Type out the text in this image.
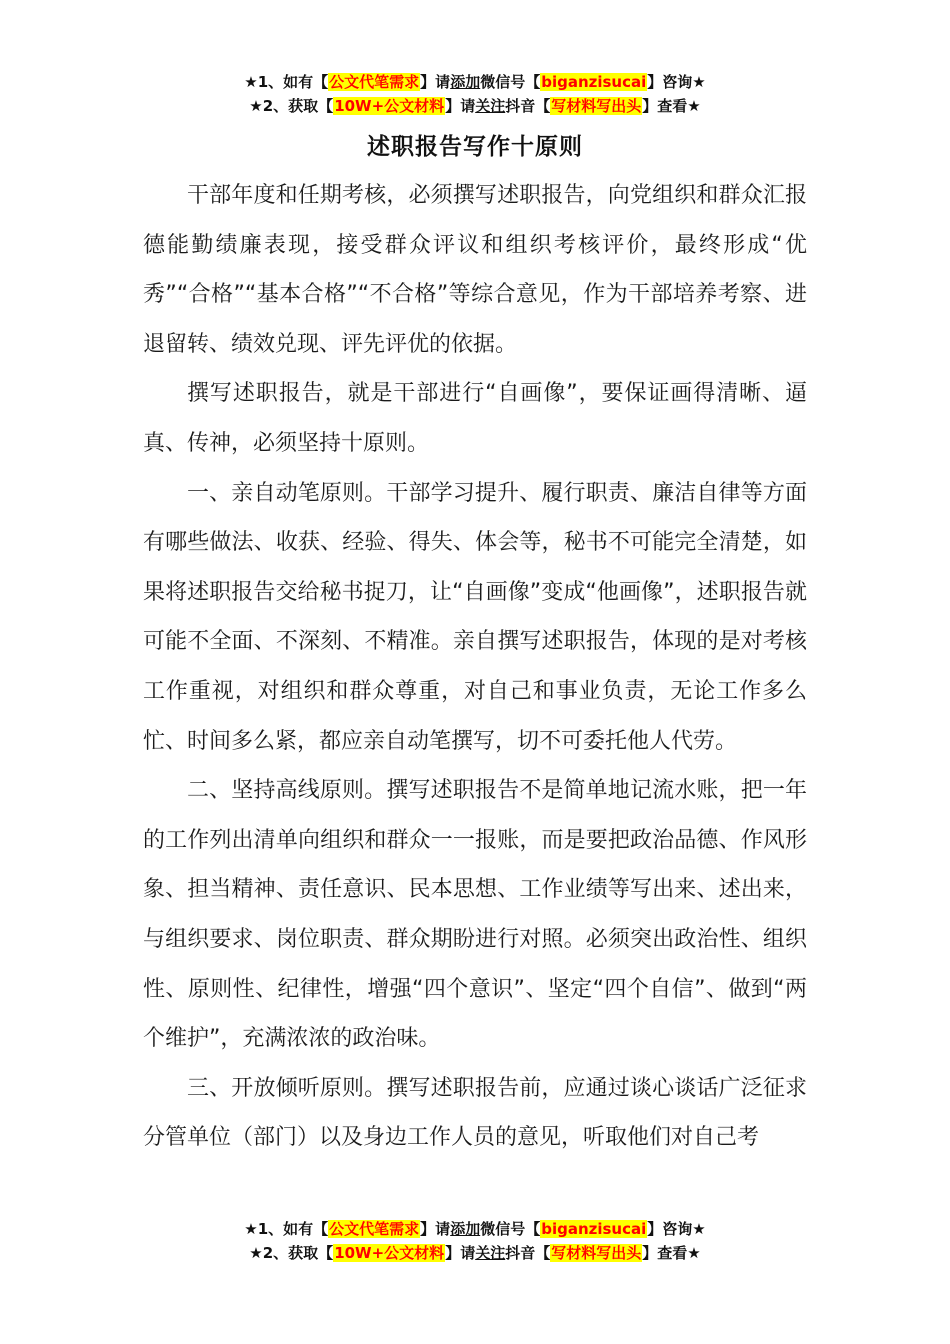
★1、如有【公文代笔需求】请添加微信号【biganzisucai】咨询★
★2、获取【10W+公文材料】请关注抖音【写材料写出头】查看★
述职报告写作十原则

干部年度和任期考核，必须撰写述职报告，向党组织和群众汇报德能勤绩廉表现，接受群众评议和组织考核评价，最终形成“优秀”“合格”“基本合格”“不合格”等综合意见，作为干部培养考察、进退留转、绩效兑现、评先评优的依据。

撰写述职报告，就是干部进行“自画像”，要保证画得清晰、逼真、传神，必须坚持十原则。

一、亲自动笔原则。干部学习提升、履行职责、廉洁自律等方面有哪些做法、收获、经验、得失、体会等，秘书不可能完全清楚，如果将述职报告交给秘书捉刀，让“自画像”变成“他画像”，述职报告就可能不全面、不深刻、不精准。亲自撰写述职报告，体现的是对考核工作重视，对组织和群众尊重，对自己和事业负责，无论工作多么忙、时间多么紧，都应亲自动笔撰写，切不可委托他人代劳。

二、坚持高线原则。撰写述职报告不是简单地记流水账，把一年的工作列出清单向组织和群众一一报账，而是要把政治品德、作风形象、担当精神、责任意识、民本思想、工作业绩等写出来、述出来，与组织要求、岗位职责、群众期盼进行对照。必须突出政治性、组织性、原则性、纪律性，增强“四个意识”、坚定“四个自信”、做到“两个维护”，充满浓浓的政治味。

三、开放倾听原则。撰写述职报告前，应通过谈心谈话广泛征求分管单位（部门）以及身边工作人员的意见，听取他们对自己考

★1、如有【公文代笔需求】请添加微信号【biganzisucai】咨询★
★2、获取【10W+公文材料】请关注抖音【写材料写出头】查看★
